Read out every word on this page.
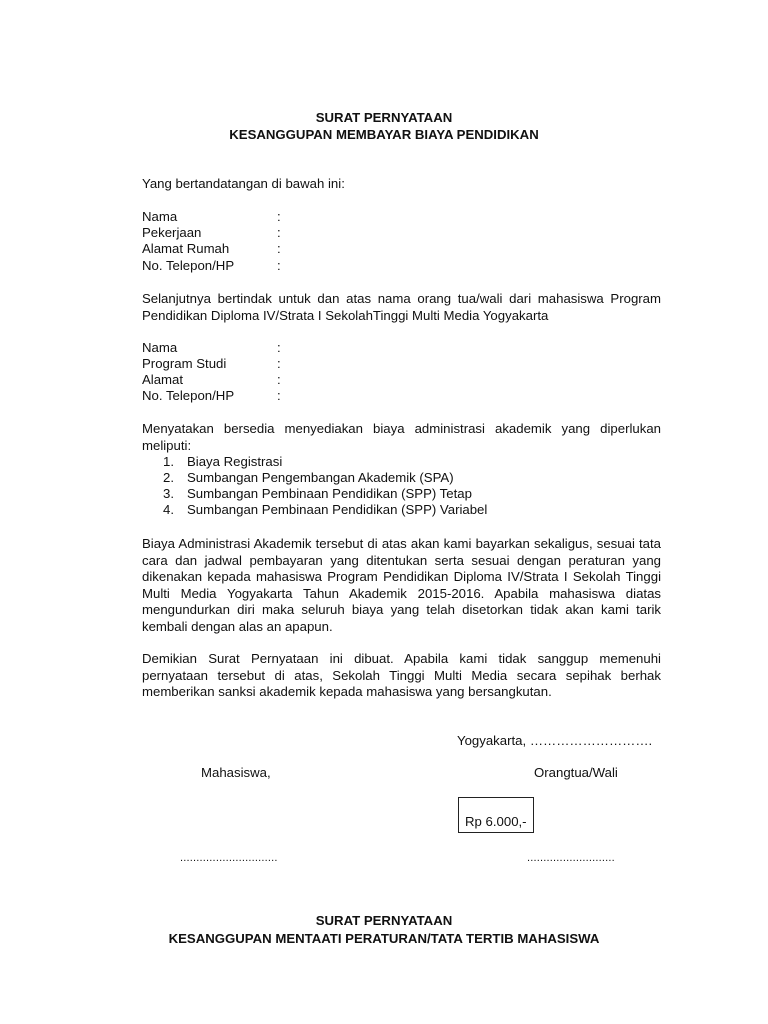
SURAT PERNYATAAN
KESANGGUPAN MEMBAYAR BIAYA PENDIDIKAN
Yang bertandatangan di bawah ini:
Nama	:
Pekerjaan	:
Alamat Rumah	:
No. Telepon/HP	:
Selanjutnya bertindak untuk dan atas nama orang tua/wali dari mahasiswa Program Pendidikan Diploma IV/Strata I SekolahTinggi Multi Media Yogyakarta
Nama	:
Program Studi	:
Alamat	:
No. Telepon/HP	:
Menyatakan bersedia menyediakan biaya administrasi akademik yang diperlukan meliputi:
1. Biaya Registrasi
2. Sumbangan Pengembangan Akademik (SPA)
3. Sumbangan Pembinaan Pendidikan (SPP) Tetap
4. Sumbangan Pembinaan Pendidikan (SPP) Variabel
Biaya Administrasi Akademik tersebut di atas akan kami bayarkan sekaligus, sesuai tata cara dan jadwal pembayaran yang ditentukan serta sesuai dengan peraturan yang dikenakan kepada mahasiswa Program Pendidikan Diploma IV/Strata I Sekolah Tinggi Multi Media Yogyakarta Tahun Akademik 2015-2016. Apabila mahasiswa diatas mengundurkan diri maka seluruh biaya yang telah disetorkan tidak akan kami tarik kembali dengan alas an apapun.
Demikian Surat Pernyataan ini dibuat. Apabila kami tidak sanggup memenuhi pernyataan tersebut di atas, Sekolah Tinggi Multi Media secara sepihak berhak memberikan sanksi akademik kepada mahasiswa yang bersangkutan.
Yogyakarta, ……………………….
Mahasiswa,	Orangtua/Wali
Rp 6.000,-
..............................	...........................
SURAT PERNYATAAN
KESANGGUPAN MENTAATI PERATURAN/TATA TERTIB MAHASISWA
